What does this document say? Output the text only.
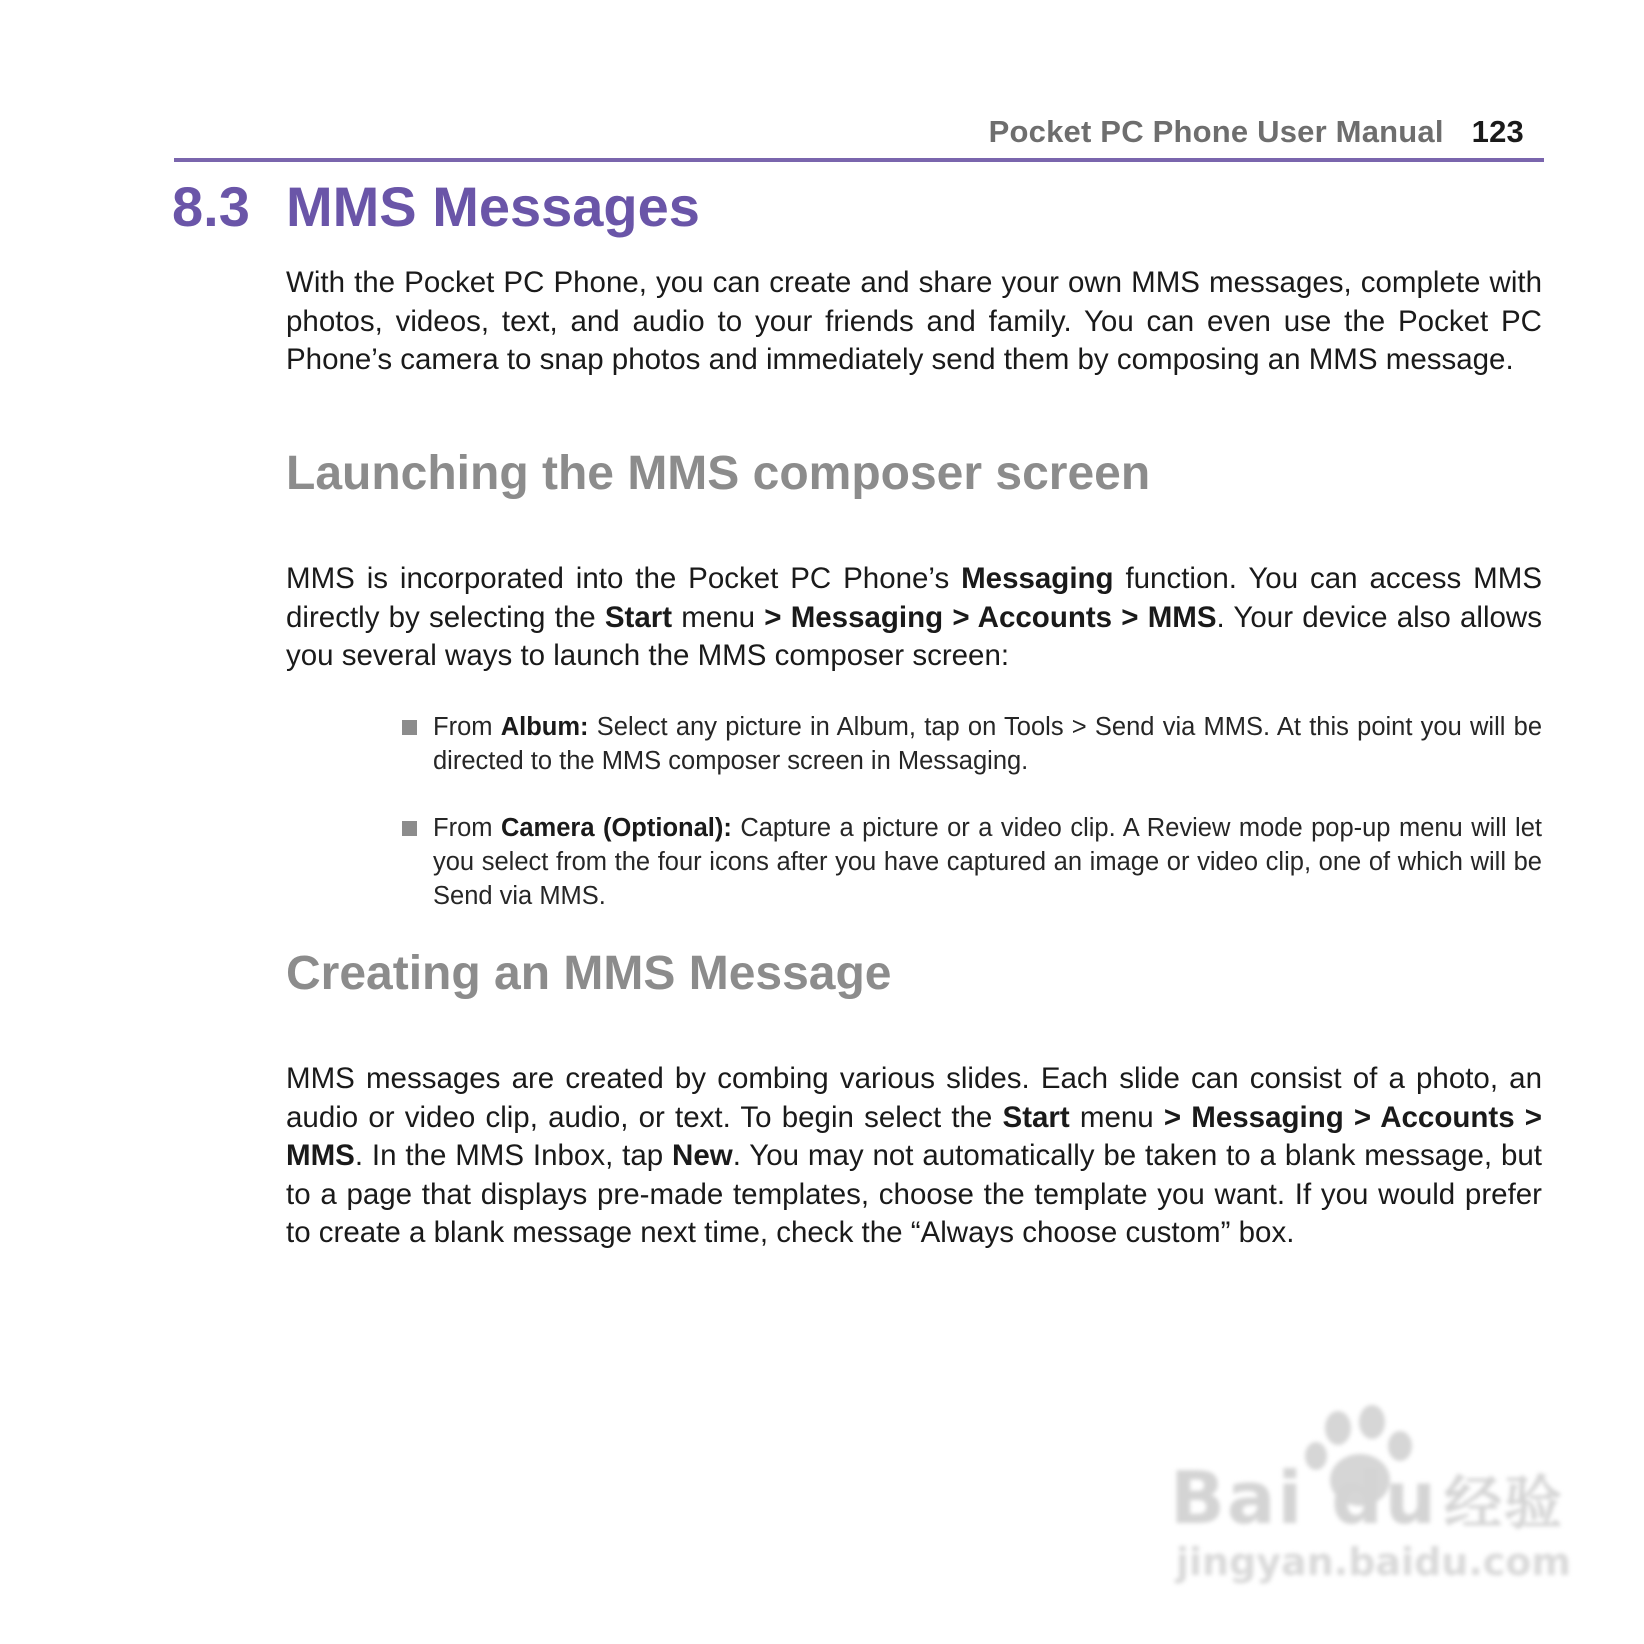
Pocket PC Phone User Manual 123
8.3 MMS Messages
With the Pocket PC Phone, you can create and share your own MMS messages, complete with photos, videos, text, and audio to your friends and family. You can even use the Pocket PC Phone’s camera to snap photos and immediately send them by composing an MMS message.
Launching the MMS composer screen
MMS is incorporated into the Pocket PC Phone’s Messaging function. You can access MMS directly by selecting the Start menu > Messaging > Accounts > MMS. Your device also allows you several ways to launch the MMS composer screen:
From Album: Select any picture in Album, tap on Tools > Send via MMS. At this point you will be directed to the MMS composer screen in Messaging.
From Camera (Optional): Capture a picture or a video clip. A Review mode pop-up menu will let you select from the four icons after you have captured an image or video clip, one of which will be Send via MMS.
Creating an MMS Message
MMS messages are created by combing various slides. Each slide can consist of a photo, an audio or video clip, audio, or text. To begin select the Start menu > Messaging > Accounts > MMS. In the MMS Inbox, tap New. You may not automatically be taken to a blank message, but to a page that displays pre-made templates, choose the template you want. If you would prefer to create a blank message next time, check the “Always choose custom” box.
Bai du 经验
jingyan.baidu.com
